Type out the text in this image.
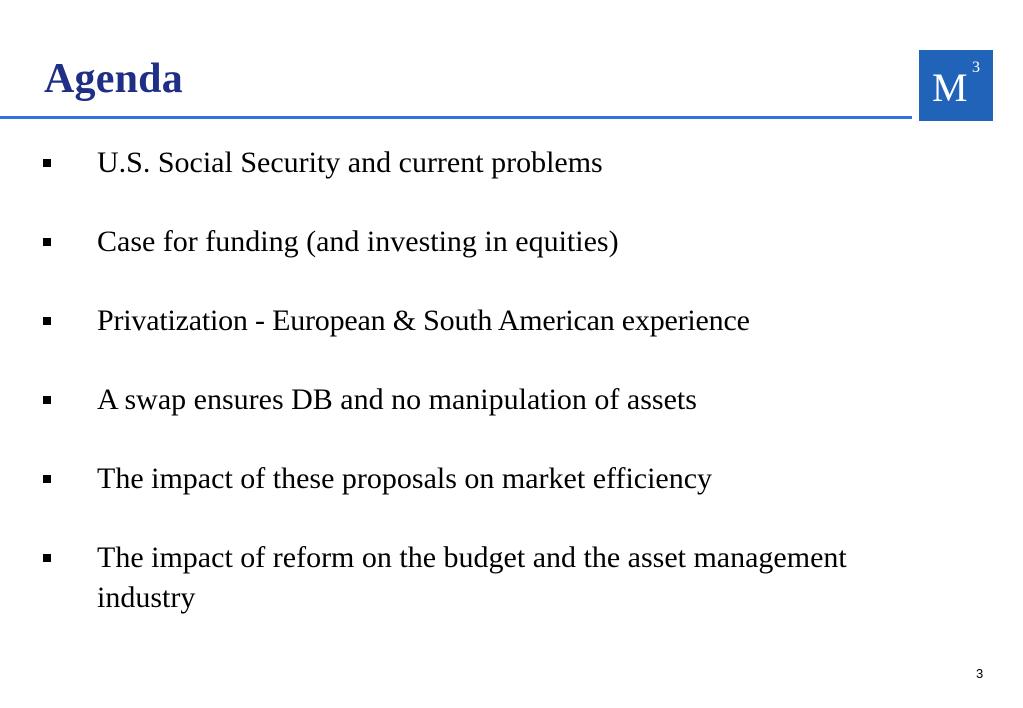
Agenda	M 3
U.S. Social Security and current problems
Case for funding (and investing in equities)
Privatization - European & South American experience
A swap ensures DB and no manipulation of assets
The impact of these proposals on market efficiency
The impact of reform on the budget and the asset management industry
3
